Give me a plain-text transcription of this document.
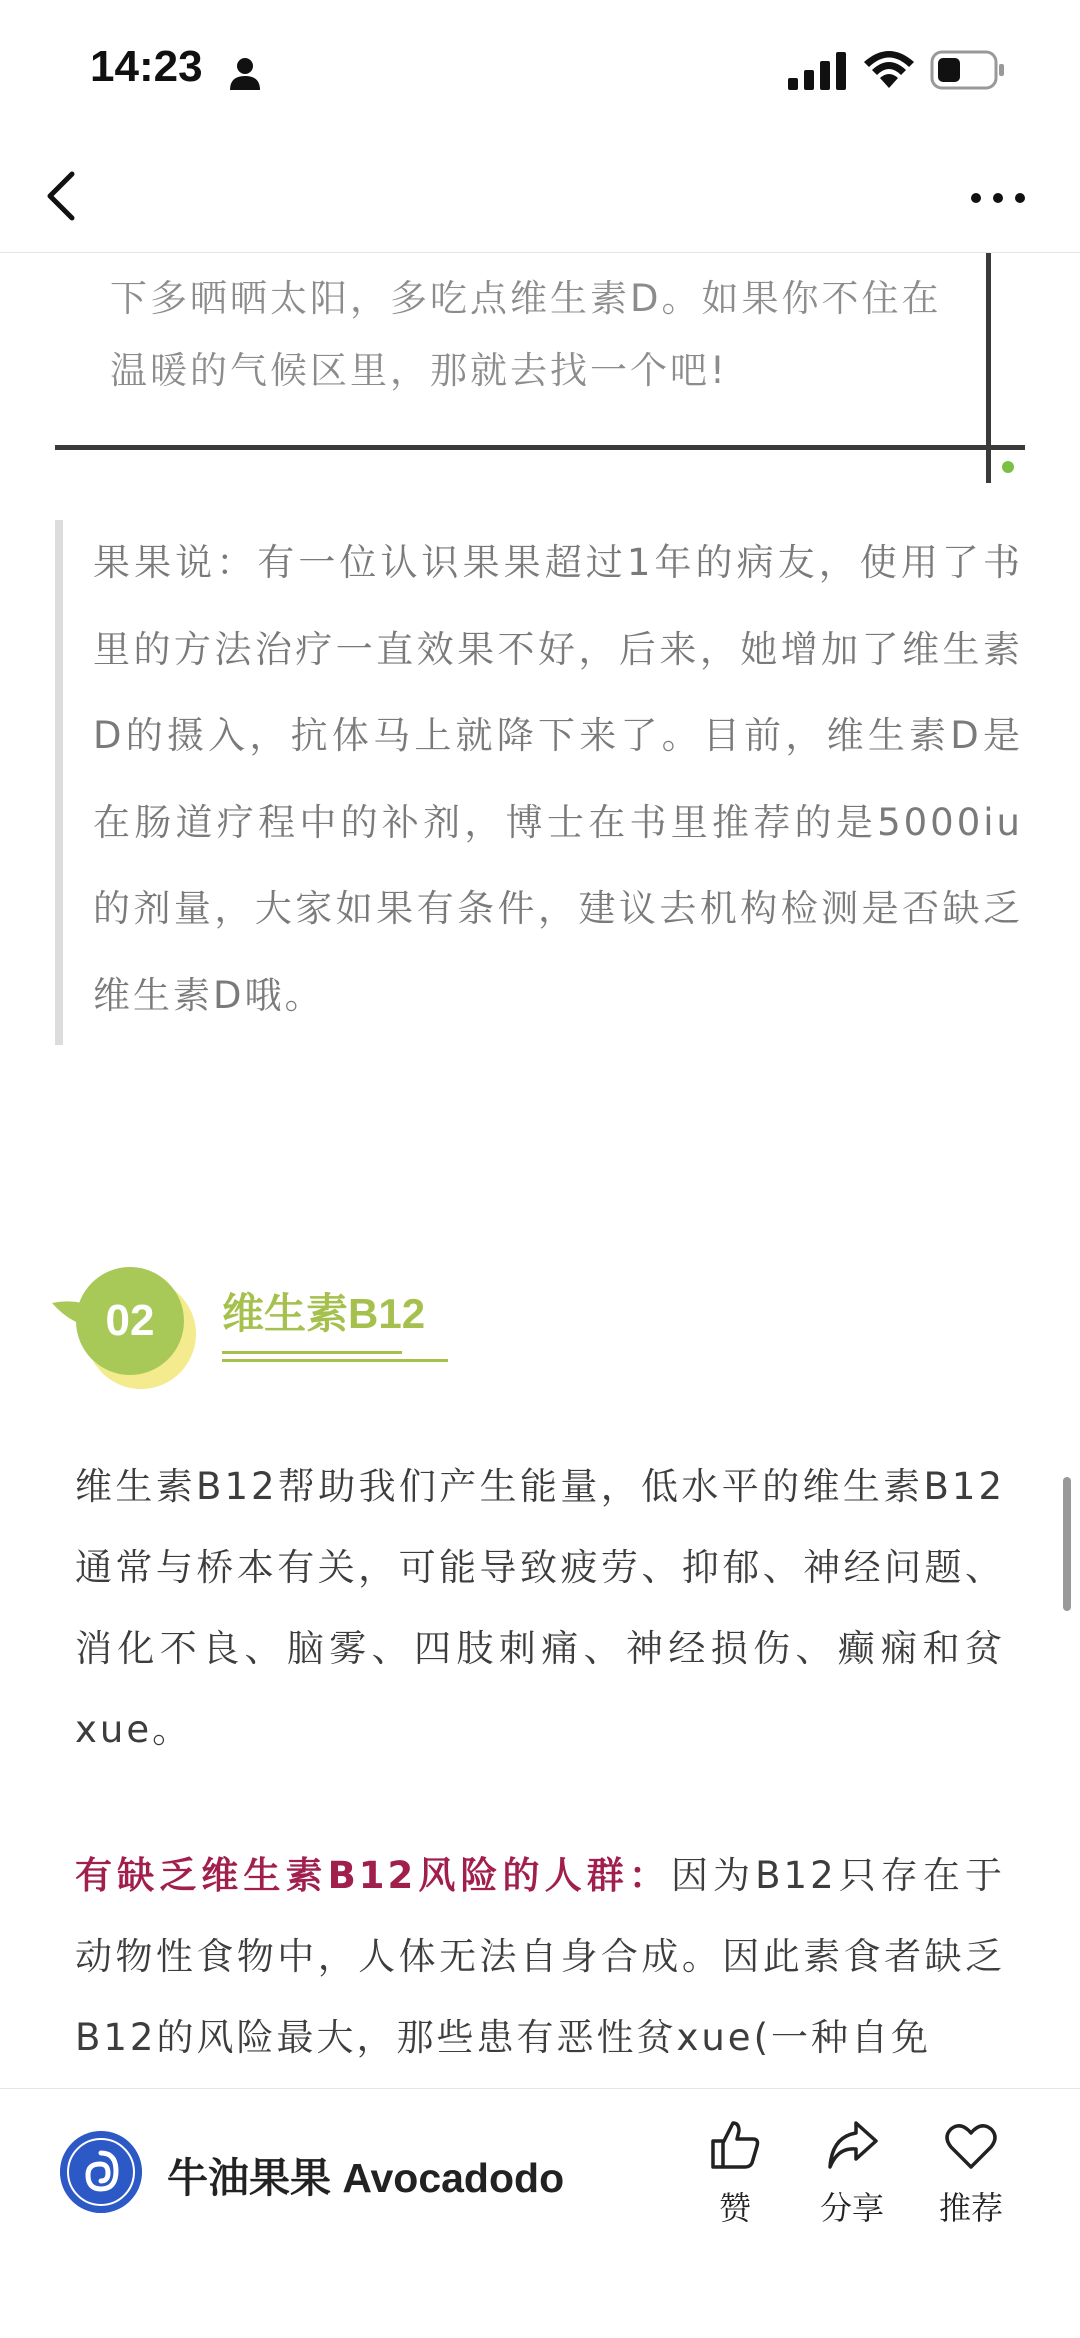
14:23
下多晒晒太阳，多吃点维生素D。如果你不住在温暖的气候区里，那就去找一个吧!
果果说：有一位认识果果超过1年的病友，使用了书里的方法治疗一直效果不好，后来，她增加了维生素D的摄入，抗体马上就降下来了。目前，维生素D是在肠道疗程中的补剂，博士在书里推荐的是5000iu的剂量，大家如果有条件，建议去机构检测是否缺乏维生素D哦。
02 维生素B12
维生素B12帮助我们产生能量，低水平的维生素B12通常与桥本有关，可能导致疲劳、抑郁、神经问题、消化不良、脑雾、四肢刺痛、神经损伤、癫痫和贫xue。
有缺乏维生素B12风险的人群：因为B12只存在于动物性食物中，人体无法自身合成。因此素食者缺乏B12的风险最大，那些患有恶性贫xue(一种自免
牛油果果 Avocadodo
赞	分享	推荐
